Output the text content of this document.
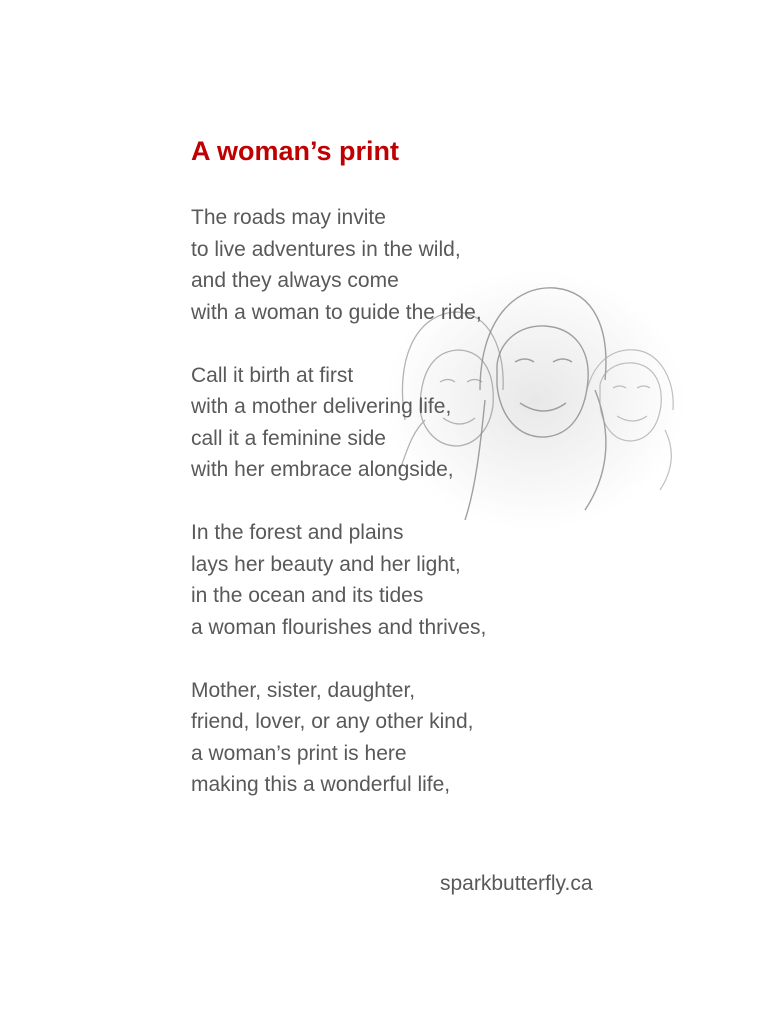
A woman’s print
The roads may invite
to live adventures in the wild,
and they always come
with a woman to guide the ride,
Call it birth at first
with a mother delivering life,
call it a feminine side
with her embrace alongside,
In the forest and plains
lays her beauty and her light,
in the ocean and its tides
a woman flourishes and thrives,
Mother, sister, daughter,
friend, lover, or any other kind,
a woman’s print is here
making this a wonderful life,
sparkbutterfly.ca
